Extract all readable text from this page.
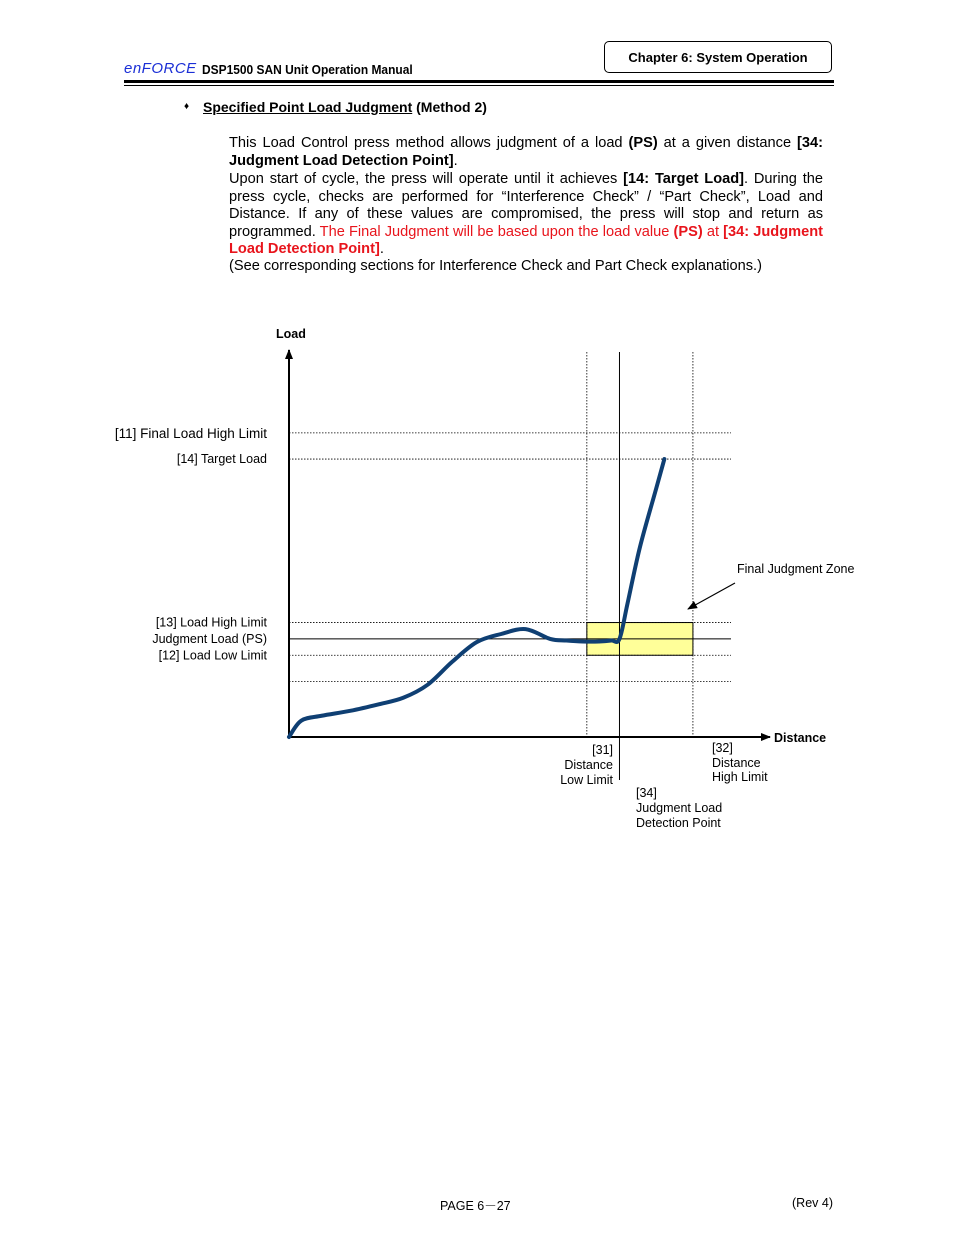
enFORCE DSP1500 SAN Unit Operation Manual
Chapter 6: System Operation
♦ Specified Point Load Judgment (Method 2)
This Load Control press method allows judgment of a load (PS) at a given distance [34: Judgment Load Detection Point].
Upon start of cycle, the press will operate until it achieves [14: Target Load]. During the press cycle, checks are performed for “Interference Check” / “Part Check”, Load and Distance. If any of these values are compromised, the press will stop and return as programmed. The Final Judgment will be based upon the load value (PS) at [34: Judgment Load Detection Point].
(See corresponding sections for Interference Check and Part Check explanations.)
Load
Distance
[11] Final Load High Limit
[14] Target Load
[13] Load High Limit
Judgment Load (PS)
[12] Load Low Limit
[31]
Distance
Low Limit
[32]
Distance
High Limit
[34]
Judgment Load
Detection Point
Final Judgment Zone
PAGE 6－27	(Rev 4)
